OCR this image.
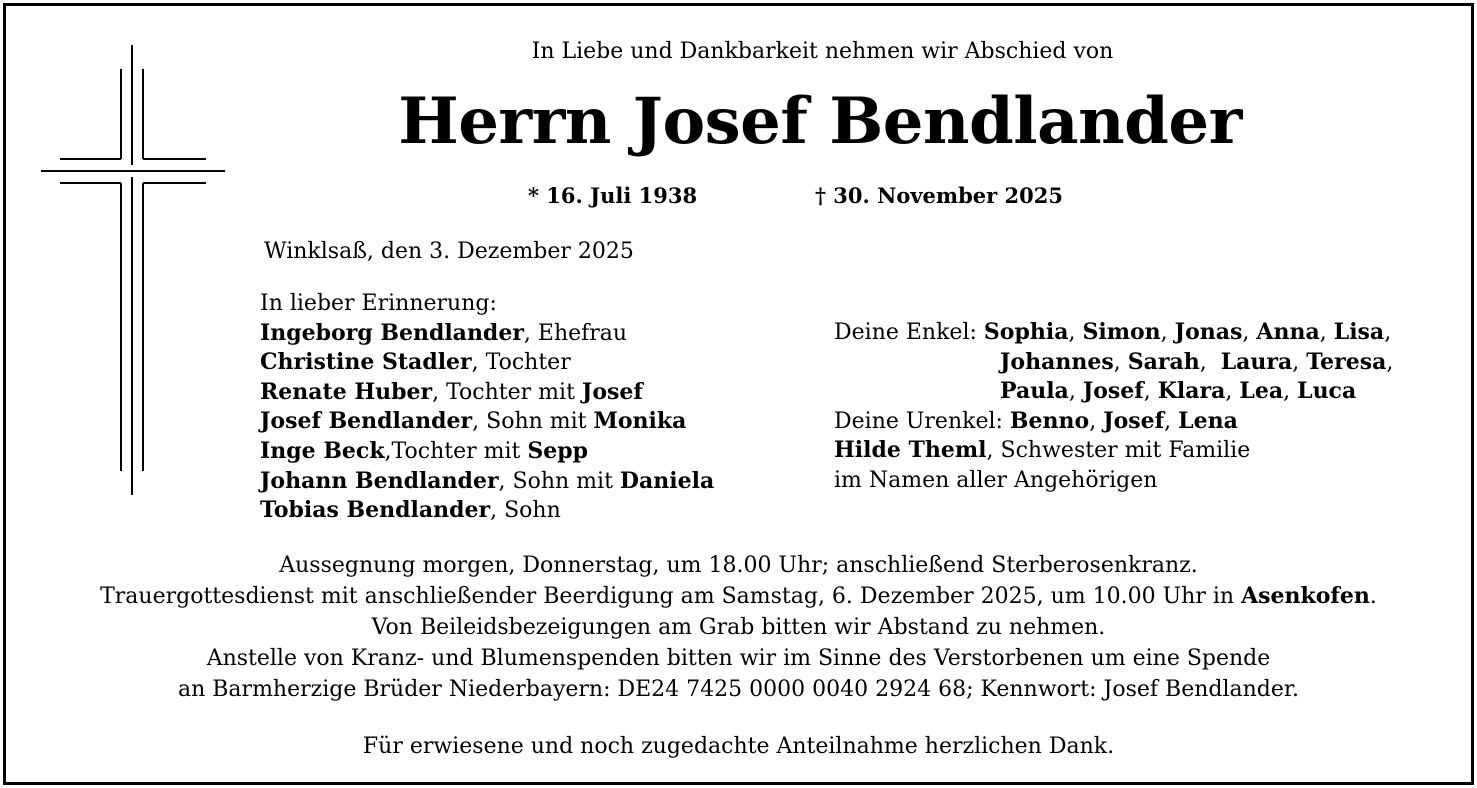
In Liebe und Dankbarkeit nehmen wir Abschied von
Herrn Josef Bendlander
* 16. Juli 1938	† 30. November 2025
Winklsaß, den 3. Dezember 2025
In lieber Erinnerung:
Ingeborg Bendlander, Ehefrau
Christine Stadler, Tochter
Renate Huber, Tochter mit Josef
Josef Bendlander, Sohn mit Monika
Inge Beck,Tochter mit Sepp
Johann Bendlander, Sohn mit Daniela
Tobias Bendlander, Sohn
Deine Enkel: Sophia, Simon, Jonas, Anna, Lisa,
Johannes, Sarah,  Laura, Teresa,
Paula, Josef, Klara, Lea, Luca
Deine Urenkel: Benno, Josef, Lena
Hilde Theml, Schwester mit Familie
im Namen aller Angehörigen
Aussegnung morgen, Donnerstag, um 18.00 Uhr; anschließend Sterberosenkranz.
Trauergottesdienst mit anschließender Beerdigung am Samstag, 6. Dezember 2025, um 10.00 Uhr in Asenkofen.
Von Beileidsbezeigungen am Grab bitten wir Abstand zu nehmen.
Anstelle von Kranz- und Blumenspenden bitten wir im Sinne des Verstorbenen um eine Spende
an Barmherzige Brüder Niederbayern: DE24 7425 0000 0040 2924 68; Kennwort: Josef Bendlander.
Für erwiesene und noch zugedachte Anteilnahme herzlichen Dank.
